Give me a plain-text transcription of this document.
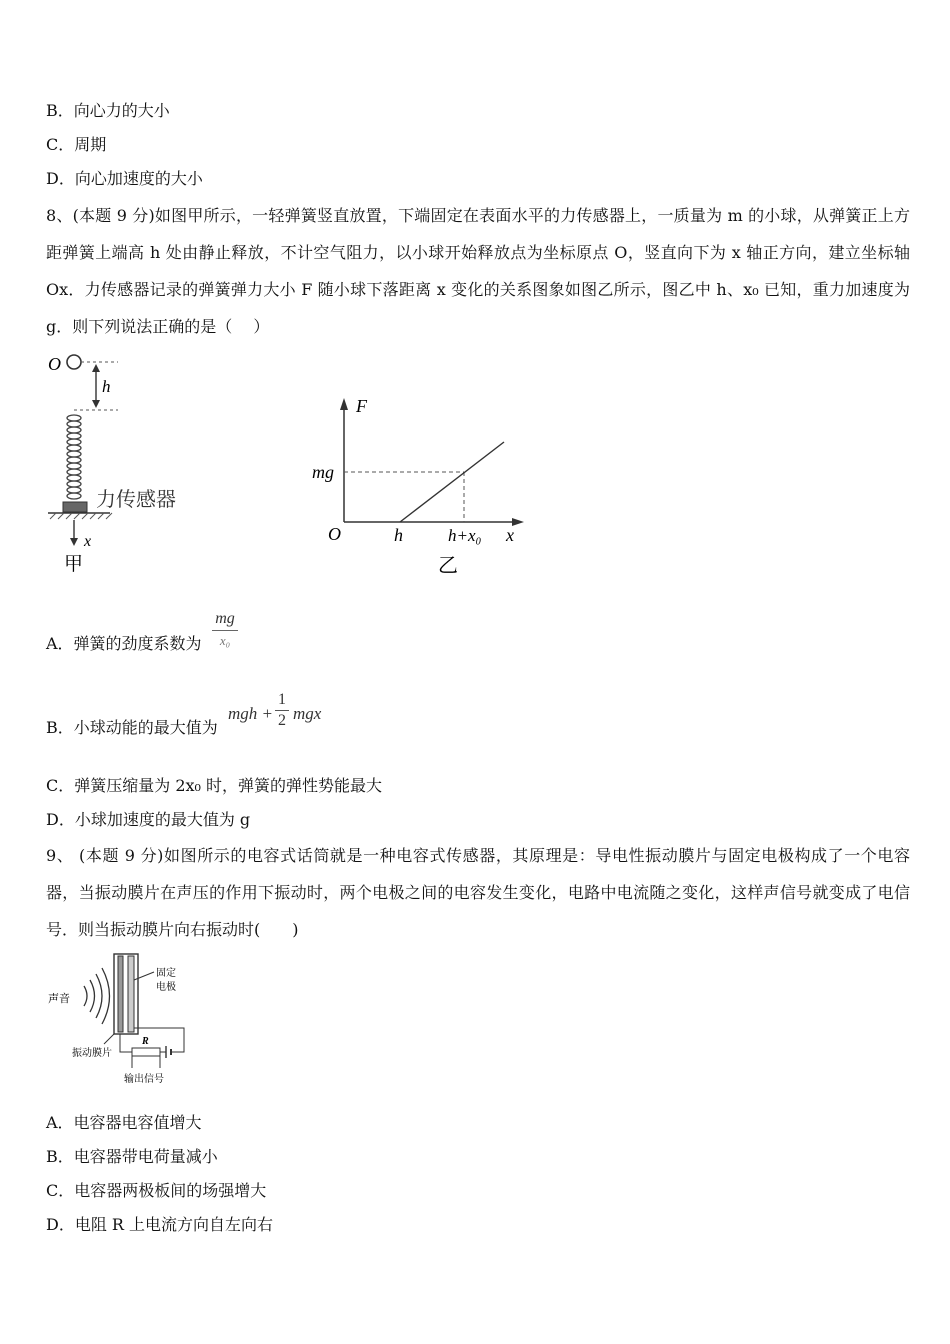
B．向心力的大小
C．周期
D．向心加速度的大小
8、(本题 9 分)如图甲所示，一轻弹簧竖直放置，下端固定在表面水平的力传感器上，一质量为 m 的小球，从弹簧正上方距弹簧上端高 h 处由静止释放，不计空气阻力，以小球开始释放点为坐标原点 O，竖直向下为 x 轴正方向，建立坐标轴 Ox．力传感器记录的弹簧弹力大小 F 随小球下落距离 x 变化的关系图象如图乙所示，图乙中 h、x₀ 已知，重力加速度为 g．则下列说法正确的是（　 ）
O
h
力传感器
x
甲
F
mg
O	h	h+x₀ x
乙
A．弹簧的劲度系数为
mg
x₀
B．小球动能的最大值为
mgh +
1
2 mgx
C．弹簧压缩量为 2x₀ 时，弹簧的弹性势能最大
D．小球加速度的最大值为 g
9、 (本题 9 分)如图所示的电容式话筒就是一种电容式传感器，其原理是：导电性振动膜片与固定电极构成了一个电容器，当振动膜片在声压的作用下振动时，两个电极之间的电容发生变化，电路中电流随之变化，这样声信号就变成了电信号．则当振动膜片向右振动时(　　)
声音
固定
电极
R
振动膜片
输出信号
A．电容器电容值增大
B．电容器带电荷量减小
C．电容器两极板间的场强增大
D．电阻 R 上电流方向自左向右
